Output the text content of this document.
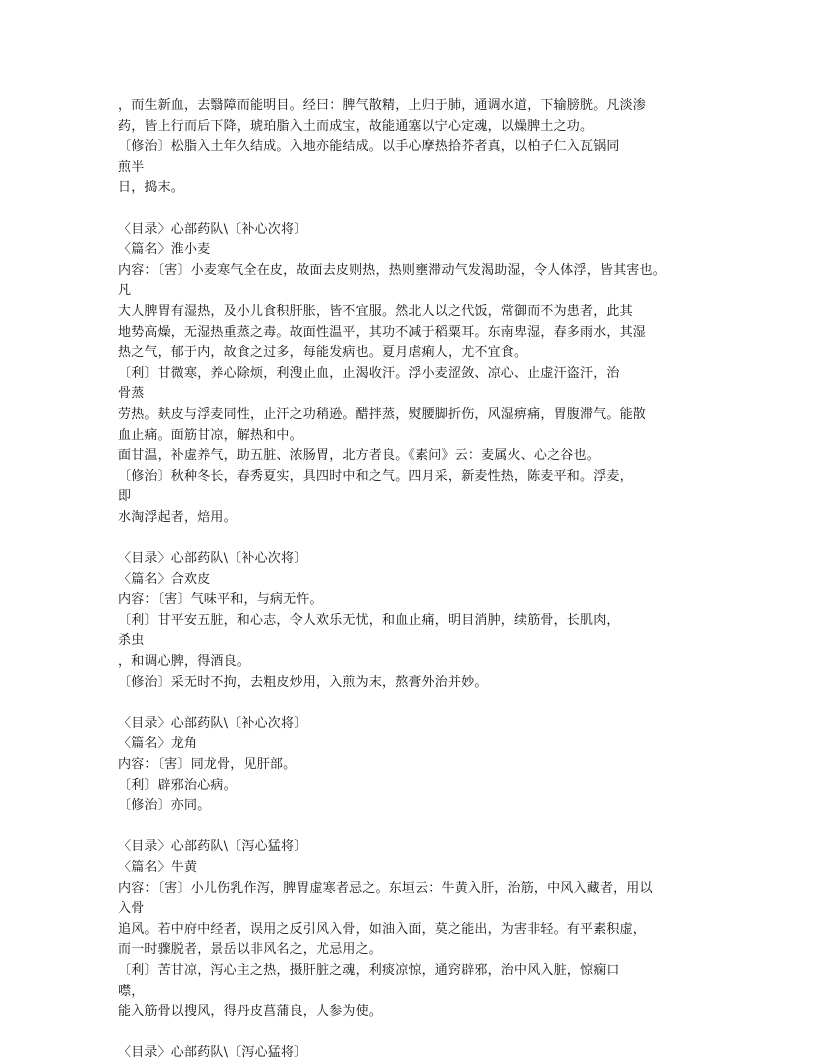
，而生新血，去翳障而能明目。经曰：脾气散精，上归于肺，通调水道，下输膀胱。凡淡渗
药，皆上行而后下降，琥珀脂入土而成宝，故能通塞以宁心定魂，以燥脾土之功。
〔修治〕松脂入土年久结成。入地亦能结成。以手心摩热拾芥者真，以柏子仁入瓦锅同
煎半
日，捣末。
〈目录〉心部药队\〔补心次将〕
〈篇名〉淮小麦
内容：〔害〕小麦寒气全在皮，故面去皮则热，热则壅滞动气发渴助湿，令人体浮，皆其害也。
凡
大人脾胃有湿热，及小儿食积肝胀，皆不宜服。然北人以之代饭，常御而不为患者，此其
地势高燥，无湿热重蒸之毒。故面性温平，其功不减于稻粟耳。东南卑湿，春多雨水，其湿
热之气，郁于内，故食之过多，每能发病也。夏月虐痢人，尤不宜食。
〔利〕甘微寒，养心除烦，利溲止血，止渴收汗。浮小麦涩敛、凉心、止虚汗盗汗，治
骨蒸
劳热。麸皮与浮麦同性，止汗之功稍逊。醋拌蒸，熨腰脚折伤，风湿痹痛，胃腹滞气。能散
血止痛。面筋甘凉，解热和中。
面甘温，补虚养气，助五脏、浓肠胃，北方者良。《素问》云：麦属火、心之谷也。
〔修治〕秋种冬长，春秀夏实，具四时中和之气。四月采，新麦性热，陈麦平和。浮麦，
即
水淘浮起者，焙用。
〈目录〉心部药队\〔补心次将〕
〈篇名〉合欢皮
内容：〔害〕气味平和，与病无忤。
〔利〕甘平安五脏，和心志，令人欢乐无忧，和血止痛，明目消肿，续筋骨，长肌肉，
杀虫
，和调心脾，得酒良。
〔修治〕采无时不拘，去粗皮炒用，入煎为末，熬膏外治并妙。
〈目录〉心部药队\〔补心次将〕
〈篇名〉龙角
内容：〔害〕同龙骨，见肝部。
〔利〕辟邪治心病。
〔修治〕亦同。
〈目录〉心部药队\〔泻心猛将〕
〈篇名〉牛黄
内容：〔害〕小儿伤乳作泻，脾胃虚寒者忌之。东垣云：牛黄入肝，治筋，中风入藏者，用以
入骨
追风。若中府中经者，误用之反引风入骨，如油入面，莫之能出，为害非轻。有平素积虚，
而一时骤脱者，景岳以非风名之，尤忌用之。
〔利〕苦甘凉，泻心主之热，摄肝脏之魂，利痰凉惊，通窍辟邪，治中风入脏，惊痫口
噤，
能入筋骨以搜风，得丹皮菖蒲良，人参为使。
〈目录〉心部药队\〔泻心猛将〕
